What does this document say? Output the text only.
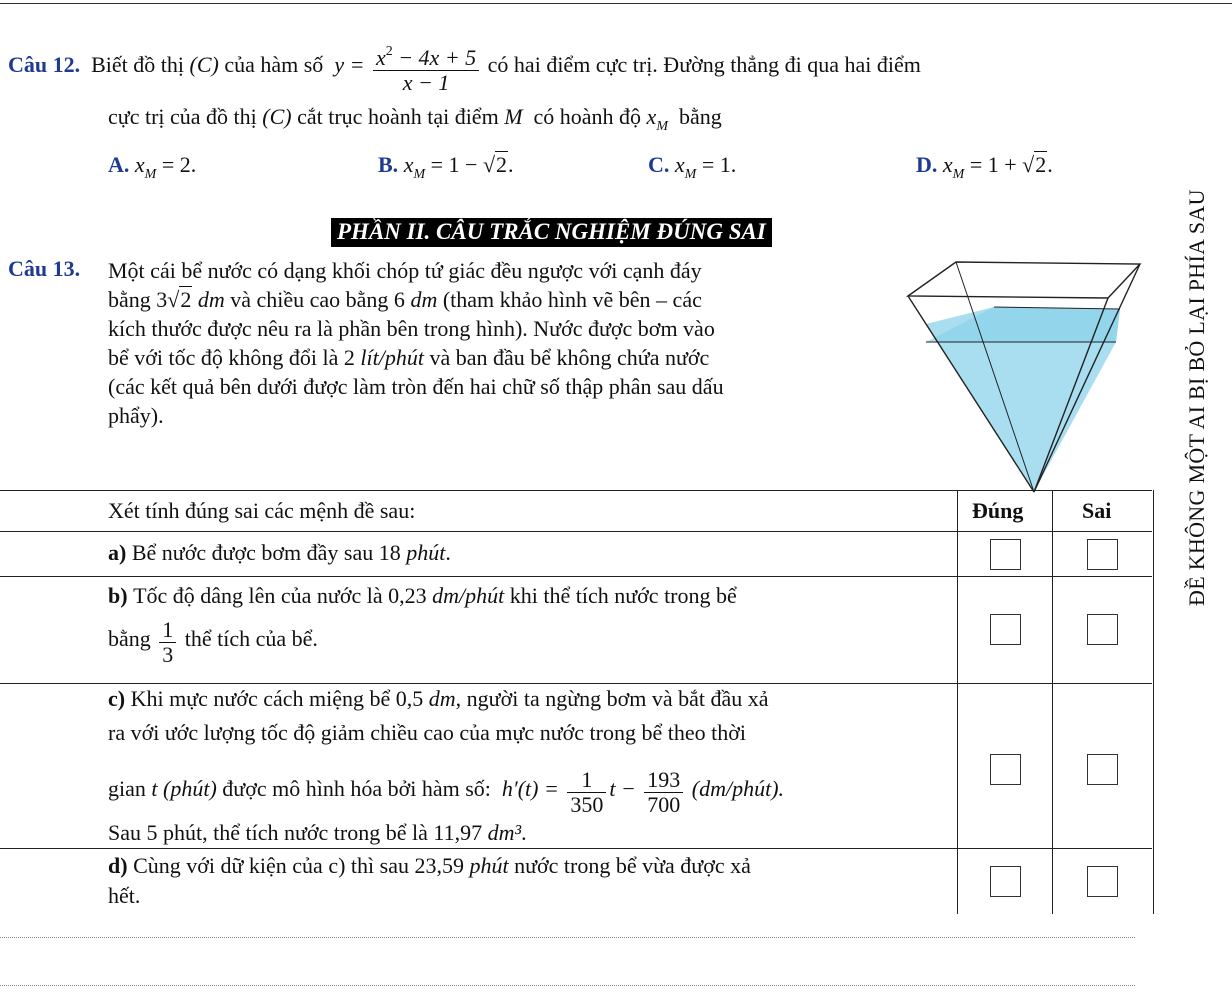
Câu 12. Biết đồ thị (C) của hàm số $y = \frac{x^2 - 4x + 5}{x - 1}$ có hai điểm cực trị. Đường thẳng đi qua hai điểm
cực trị của đồ thị (C) cắt trục hoành tại điểm M có hoành độ $x_M$ bằng
A. $x_M = 2$.	B. $x_M = 1 - √2$.	C. $x_M = 1$.	D. $x_M = 1 + √2$.
PHẦN II. CÂU TRẮC NGHIỆM ĐÚNG SAI
Câu 13. Một cái bể nước có dạng khối chóp tứ giác đều ngược với cạnh đáy
bằng 3√2 dm và chiều cao bằng 6 dm (tham khảo hình vẽ bên – các
kích thước được nêu ra là phần bên trong hình). Nước được bơm vào
bể với tốc độ không đổi là 2 lít/phút và ban đầu bể không chứa nước
(các kết quả bên dưới được làm tròn đến hai chữ số thập phân sau dấu
phẩy).	ĐỀ KHÔNG MỘT AI BỊ BỎ LẠI PHÍA SAU
Xét tính đúng sai các mệnh đề sau:	Đúng	Sai
a) Bể nước được bơm đầy sau 18 phút.
b) Tốc độ dâng lên của nước là 0,23 dm/phút khi thể tích nước trong bể
bằng $\frac{1}{3}$ thể tích của bể.
c) Khi mực nước cách miệng bể 0,5 dm, người ta ngừng bơm và bắt đầu xả
ra với ước lượng tốc độ giảm chiều cao của mực nước trong bể theo thời
gian t (phút) được mô hình hóa bởi hàm số: $h'(t) = \frac{1}{350}$ $t - \frac{193}{700}$ (dm/phút).
Sau 5 phút, thể tích nước trong bể là 11,97 dm³.
d) Cùng với dữ kiện của c) thì sau 23,59 phút nước trong bể vừa được xả
hết.
